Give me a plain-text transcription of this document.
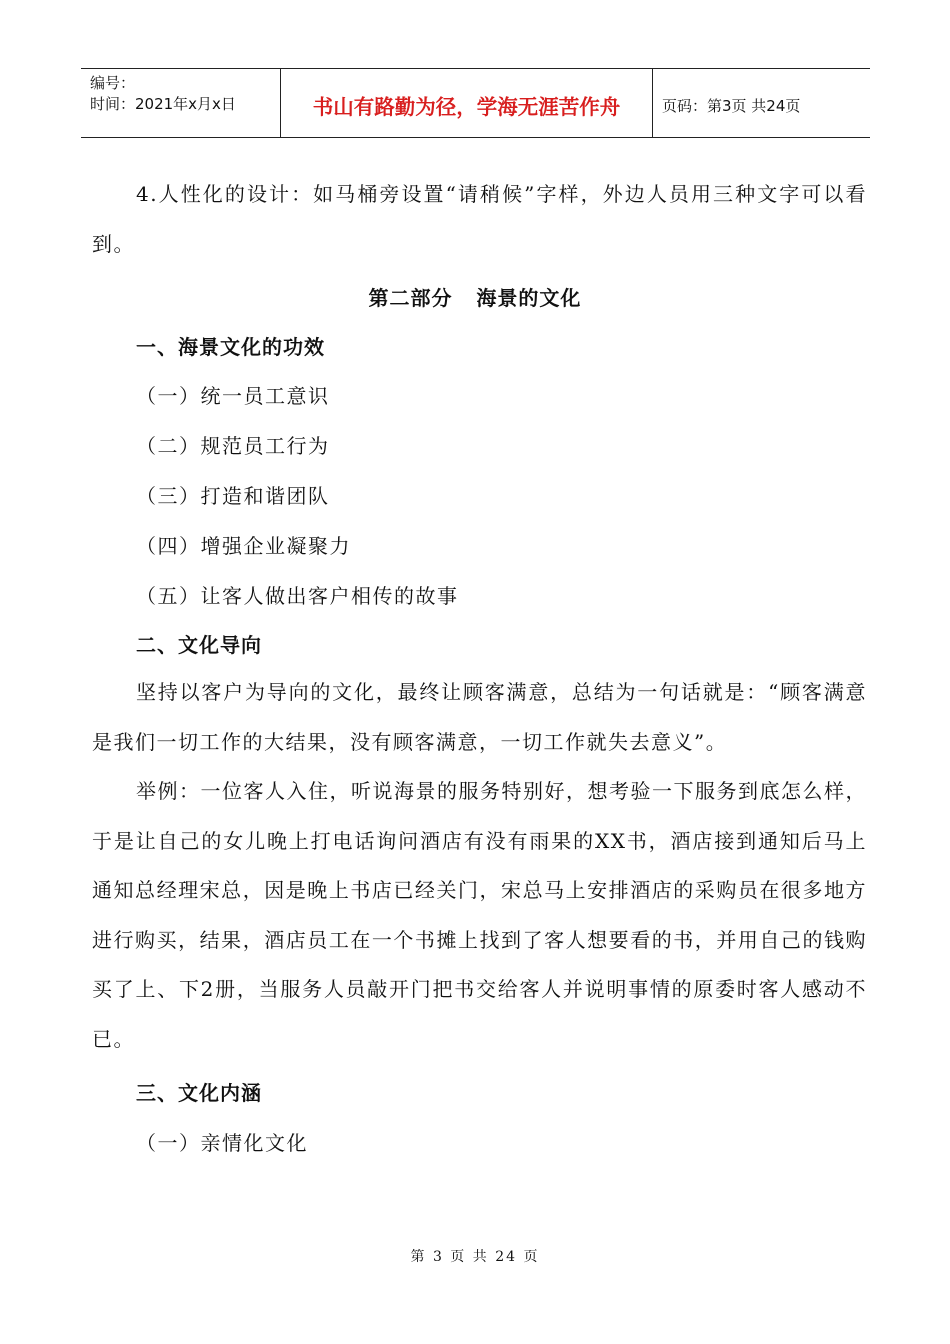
编号：
时间：2021年x月x日	书山有路勤为径，学海无涯苦作舟	页码：第3页 共24页
4.人性化的设计：如马桶旁设置“请稍候”字样，外边人员用三种文字可以看到。
第二部分   海景的文化
一、海景文化的功效
（一）统一员工意识
（二）规范员工行为
（三）打造和谐团队
（四）增强企业凝聚力
（五）让客人做出客户相传的故事
二、文化导向
坚持以客户为导向的文化，最终让顾客满意，总结为一句话就是：“顾客满意是我们一切工作的大结果，没有顾客满意，一切工作就失去意义”。
举例：一位客人入住，听说海景的服务特别好，想考验一下服务到底怎么样，于是让自己的女儿晚上打电话询问酒店有没有雨果的XX书，酒店接到通知后马上通知总经理宋总，因是晚上书店已经关门，宋总马上安排酒店的采购员在很多地方进行购买，结果，酒店员工在一个书摊上找到了客人想要看的书，并用自己的钱购买了上、下2册，当服务人员敲开门把书交给客人并说明事情的原委时客人感动不已。
三、文化内涵
（一）亲情化文化
第 3 页 共 24 页
